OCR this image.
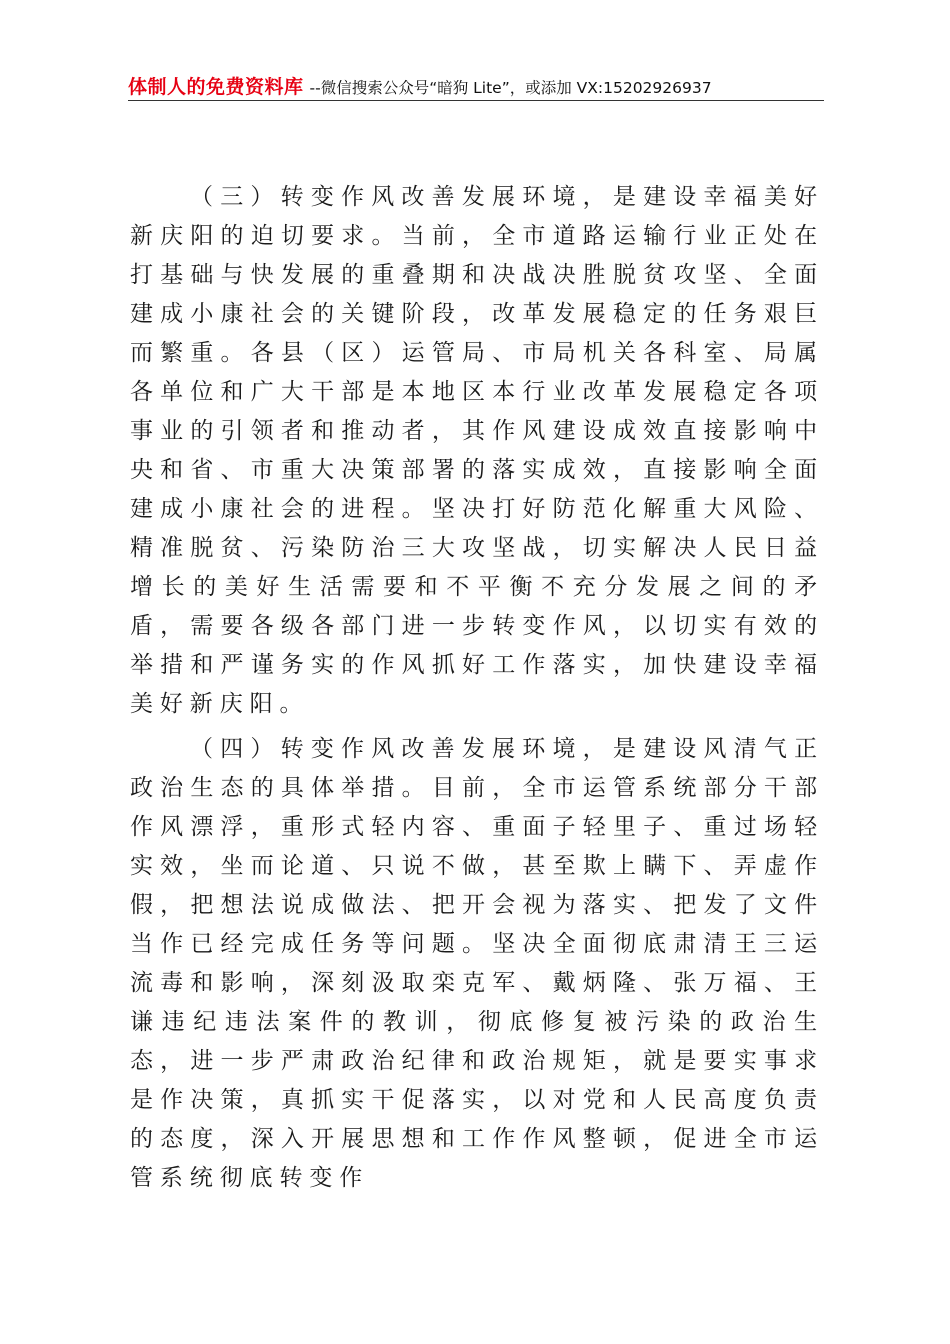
体制人的免费资料库 --微信搜索公众号“暗狗 Lite”，或添加 VX:15202926937

（三）转变作风改善发展环境，是建设幸福美好新庆阳的迫切要求。当前，全市道路运输行业正处在打基础与快发展的重叠期和决战决胜脱贫攻坚、全面建成小康社会的关键阶段，改革发展稳定的任务艰巨而繁重。各县（区）运管局、市局机关各科室、局属各单位和广大干部是本地区本行业改革发展稳定各项事业的引领者和推动者，其作风建设成效直接影响中央和省、市重大决策部署的落实成效，直接影响全面建成小康社会的进程。坚决打好防范化解重大风险、精准脱贫、污染防治三大攻坚战，切实解决人民日益增长的美好生活需要和不平衡不充分发展之间的矛盾，需要各级各部门进一步转变作风，以切实有效的举措和严谨务实的作风抓好工作落实，加快建设幸福美好新庆阳。

（四）转变作风改善发展环境，是建设风清气正政治生态的具体举措。目前，全市运管系统部分干部作风漂浮，重形式轻内容、重面子轻里子、重过场轻实效，坐而论道、只说不做，甚至欺上瞒下、弄虚作假，把想法说成做法、把开会视为落实、把发了文件当作已经完成任务等问题。坚决全面彻底肃清王三运流毒和影响，深刻汲取栾克军、戴炳隆、张万福、王谦违纪违法案件的教训，彻底修复被污染的政治生态，进一步严肃政治纪律和政治规矩，就是要实事求是作决策，真抓实干促落实，以对党和人民高度负责的态度，深入开展思想和工作作风整顿，促进全市运管系统彻底转变作
